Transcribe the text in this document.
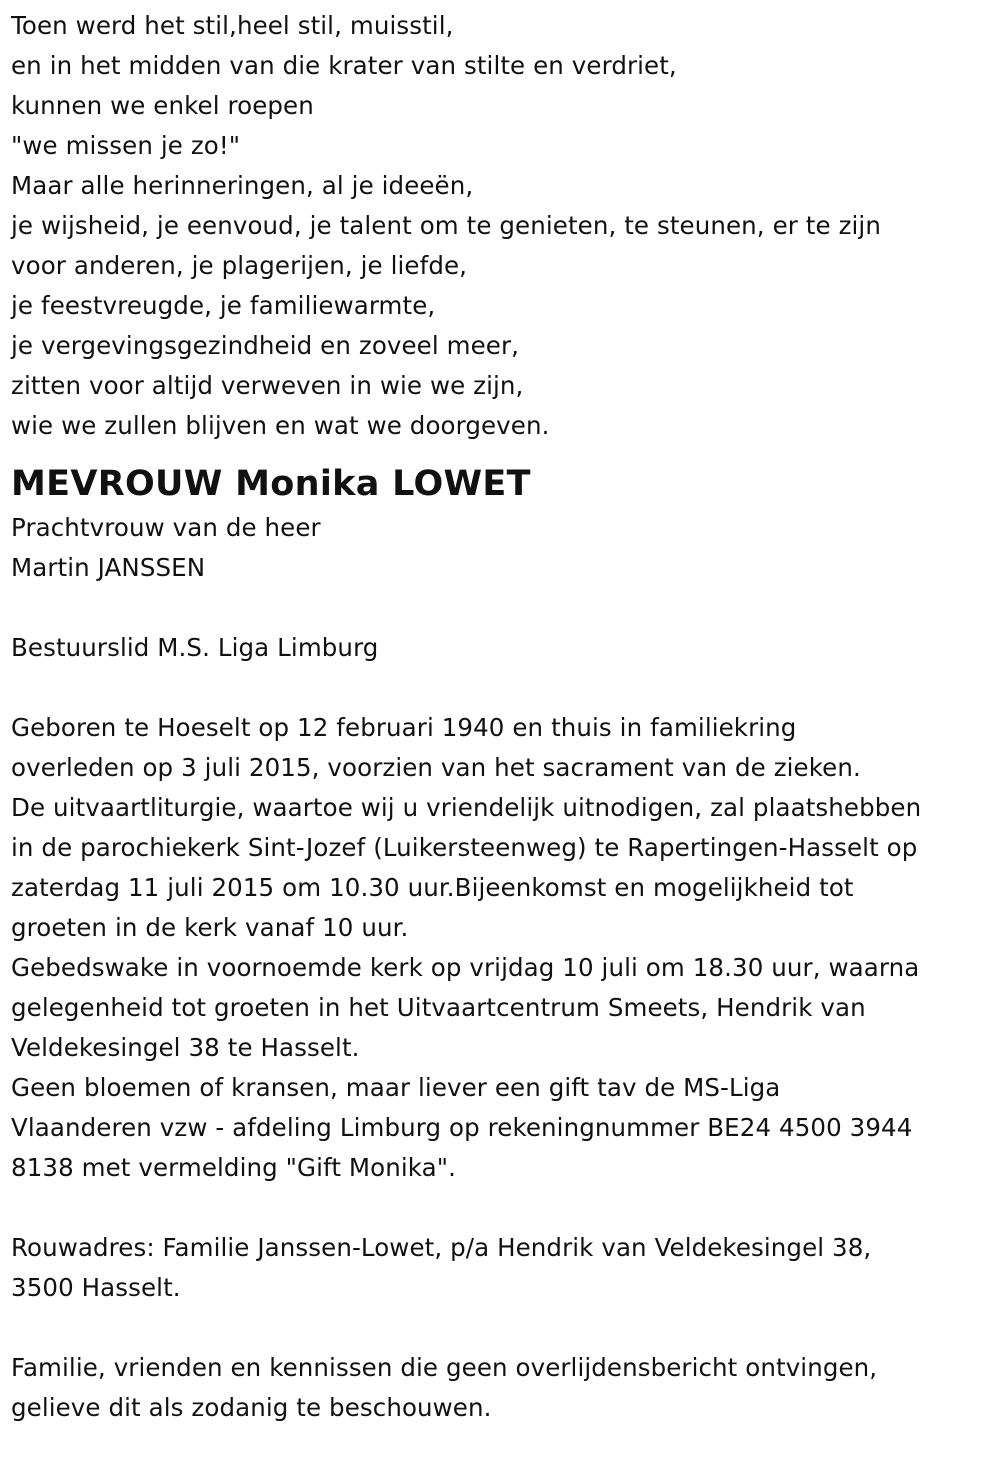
Toen werd het stil,heel stil, muisstil,
en in het midden van die krater van stilte en verdriet,
kunnen we enkel roepen
"we missen je zo!"
Maar alle herinneringen, al je ideeën,
je wijsheid, je eenvoud, je talent om te genieten, te steunen, er te zijn
voor anderen, je plagerijen, je liefde,
je feestvreugde, je familiewarmte,
je vergevingsgezindheid en zoveel meer,
zitten voor altijd verweven in wie we zijn,
wie we zullen blijven en wat we doorgeven.
MEVROUW Monika LOWET
Prachtvrouw van de heer
Martin JANSSEN
Bestuurslid M.S. Liga Limburg
Geboren te Hoeselt op 12 februari 1940 en thuis in familiekring
overleden op 3 juli 2015, voorzien van het sacrament van de zieken.
De uitvaartliturgie, waartoe wij u vriendelijk uitnodigen, zal plaatshebben
in de parochiekerk Sint-Jozef (Luikersteenweg) te Rapertingen-Hasselt op
zaterdag 11 juli 2015 om 10.30 uur.Bijeenkomst en mogelijkheid tot
groeten in de kerk vanaf 10 uur.
Gebedswake in voornoemde kerk op vrijdag 10 juli om 18.30 uur, waarna
gelegenheid tot groeten in het Uitvaartcentrum Smeets, Hendrik van
Veldekesingel 38 te Hasselt.
Geen bloemen of kransen, maar liever een gift tav de MS-Liga
Vlaanderen vzw - afdeling Limburg op rekeningnummer BE24 4500 3944
8138 met vermelding "Gift Monika".
Rouwadres: Familie Janssen-Lowet, p/a Hendrik van Veldekesingel 38,
3500 Hasselt.
Familie, vrienden en kennissen die geen overlijdensbericht ontvingen,
gelieve dit als zodanig te beschouwen.
